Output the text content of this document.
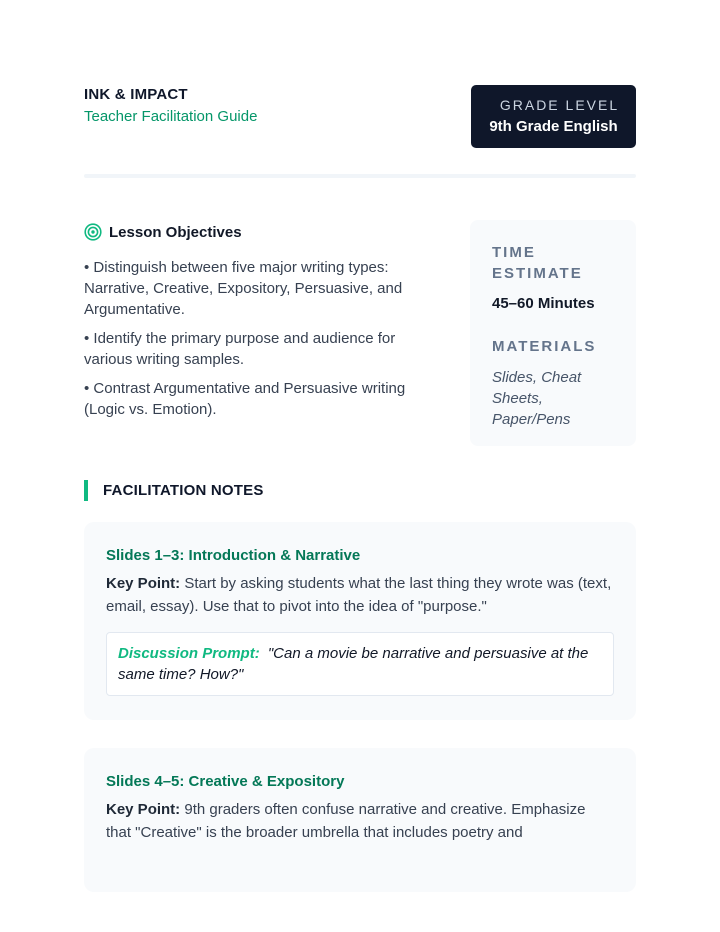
INK & IMPACT
Teacher Facilitation Guide
GRADE LEVEL
9th Grade English
Lesson Objectives
• Distinguish between five major writing types: Narrative, Creative, Expository, Persuasive, and Argumentative.
• Identify the primary purpose and audience for various writing samples.
• Contrast Argumentative and Persuasive writing (Logic vs. Emotion).
TIME ESTIMATE
45–60 Minutes
MATERIALS
Slides, Cheat Sheets, Paper/Pens
FACILITATION NOTES
Slides 1–3: Introduction & Narrative
Key Point: Start by asking students what the last thing they wrote was (text, email, essay). Use that to pivot into the idea of "purpose."
Discussion Prompt: "Can a movie be narrative and persuasive at the same time? How?"
Slides 4–5: Creative & Expository
Key Point: 9th graders often confuse narrative and creative. Emphasize that "Creative" is the broader umbrella that includes poetry and
